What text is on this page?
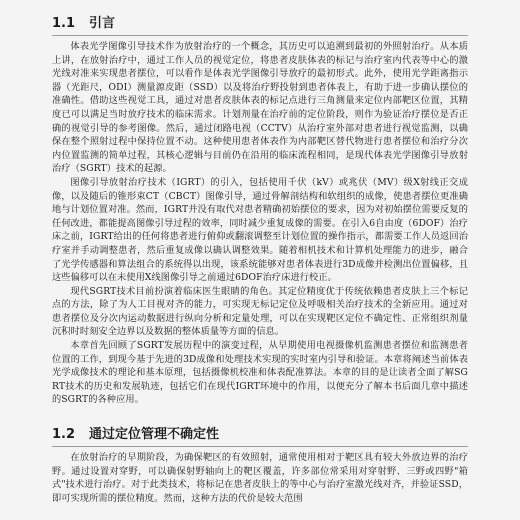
1.1 引言

体表光学图像引导技术作为放射治疗的一个概念，其历史可以追溯到最初的外照射治疗。从本质上讲，在放射治疗中，通过工作人员的视觉定位，将患者皮肤体表的标记与治疗室内代表等中心的激光线对准来实现患者摆位，可以看作是体表光学图像引导放疗的最初形式。此外，使用光学距离指示器（光距尺，ODI）测量源皮距（SSD）以及将治疗野投射到患者体表上，有助于进一步确认摆位的准确性。借助这些视觉工具，通过对患者皮肤体表的标记点进行三角测量来定位内部靶区位置，其精度已可以满足当时放疗技术的临床需求。计划剂量在治疗前的定位阶段，则作为验证治疗摆位是否正确的视觉引导的参考图像。然后，通过闭路电视（CCTV）从治疗室外部对患者进行视觉监测，以确保在整个照射过程中保持位置不动。这种使用患者体表作为内部靶区替代物进行患者摆位和治疗分次内位置监测的简单过程，其核心逻辑与目前仍在沿用的临床流程相同，是现代体表光学图像引导放射治疗（SGRT）技术的起源。

图像引导放射治疗技术（IGRT）的引入，包括使用千伏（kV）或兆伏（MV）级X射线正交成像，以及随后的锥形束CT（CBCT）图像引导，通过骨解剖结构和软组织的成像，使患者摆位更准确地与计划位置对准。然而，IGRT并没有取代对患者精确初始摆位的要求，因为对初始摆位需要反复的任何改进，都能提高图像引导过程的效率，同时减少重复成像的需要。在引入6自由度（6DOF）治疗床之前，IGRT给出的任何将患者进行俯仰或翻滚调整至计划位置的操作指示，都需要工作人员返回治疗室并手动调整患者，然后重复成像以确认调整效果。随着相机技术和计算机处理能力的进步，融合了光学传感器和算法组合的系统得以出现，该系统能够对患者体表进行3D成像并检测出位置偏移，且这些偏移可以在未使用X线图像引导之前通过6DOF治疗床进行校正。

现代SGRT技术目前扮演着临床医生眼睛的角色。其定位精度优于传统依赖患者皮肤上三个标记点的方法，除了为人工目视对齐的能力，可实现无标记定位及呼吸相关治疗技术的全新应用。通过对患者摆位及分次内运动数据进行纵向分析和定量处理，可以在实现靶区定位不确定性、正常组织剂量沉积时时刻安全边界以及数据的整体质量等方面的信息。

本章首先回顾了SGRT发展历程中的演变过程，从早期使用电视摄像机监测患者摆位和监测患者位置的工作，到现今基于先进的3D成像和处理技术实现的实时室内引导和验证。本章将阐述当前体表光学成像技术的理论和基本原理，包括摄像机校准和体表配准算法。本章的目的是让读者全面了解SGRT技术的历史和发展轨迹，包括它们在现代IGRT环境中的作用，以便充分了解本书后面几章中描述的SGRT的各种应用。

1.2 通过定位管理不确定性

在放射治疗的早期阶段，为确保靶区的有效照射，通常使用相对于靶区具有较大外放边界的治疗野。通过设置对穿野，可以确保射野轴向上的靶区覆盖，许多部位常采用对穿射野、三野或四野"箱式"技术进行治疗。对于此类技术，将标记在患者皮肤上的等中心与治疗室激光线对齐，并验证SSD，即可实现所需的摆位精度。然而，这种方法的代价是较大范围
